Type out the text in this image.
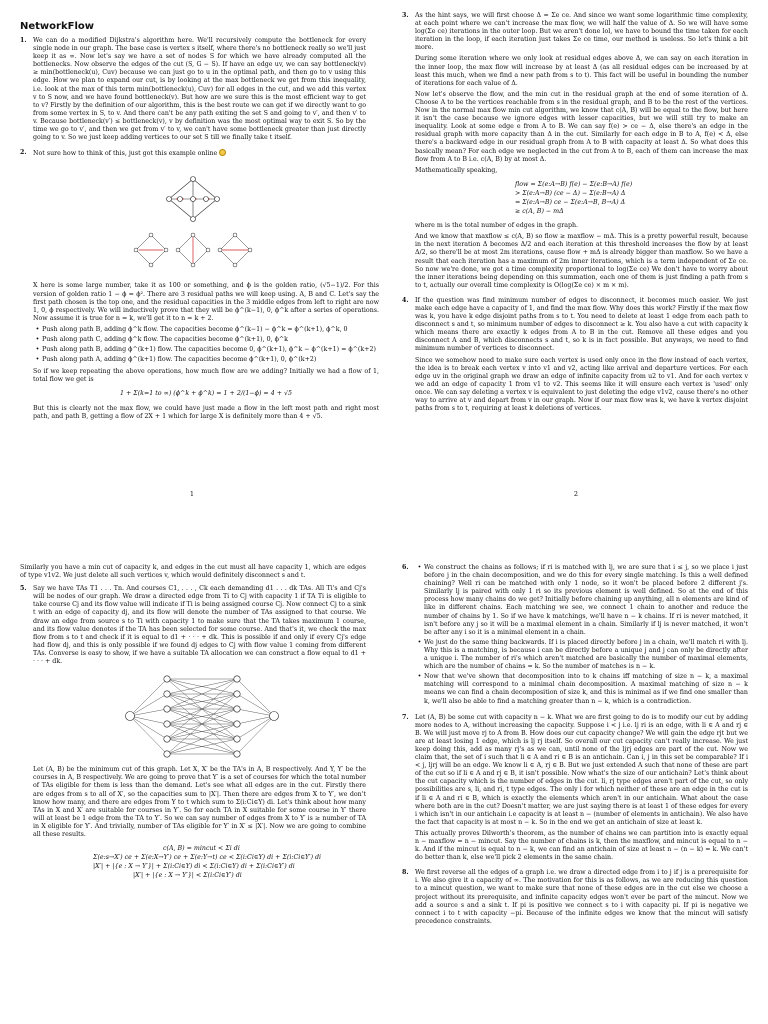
NetworkFlow
1.	We can do a modified Dijkstra's algorithm here. We'll recursively compute the bottleneck for every single node in our graph. The base case is vertex s itself, where there's no bottleneck really so we'll just keep it as ∞. Now let's say we have a set of nodes S for which we have already computed all the bottlenecks. Now observe the edges of the cut (S, G − S). If have an edge uv, we can say bottleneck(v) ≥ min(bottleneck(u), Cuv) because we can just go to u in the optimal path, and then go to v using this edge. How we plan to expand our cut, is by looking at the max bottleneck we get from this inequality, i.e. look at the max of this term min(bottleneck(u), Cuv) for all edges in the cut, and we add this vertex v to S now, and we have found bottleneck(v). But how are we sure this is the most efficient way to get to v? Firstly by the definition of our algorithm, this is the best route we can get if we directly want to go from some vertex in S, to v. And there can't be any path exiting the set S and going to v′, and then v′ to v. Because bottleneck(v′) ≤ bottleneck(v), v by definition was the most optimal way to exit S. So by the time we go to v′, and then we get from v′ to v, we can't have some bottleneck greater than just directly going to v. So we just keep adding vertices to our set S till we finally take t itself.

2.	Not sure how to think of this, just got this example online

X here is some large number, take it as 100 or something, and ϕ is the golden ratio, (√5−1)/2. For this version of golden ratio 1 − ϕ = ϕ². There are 3 residual paths we will keep using. A, B and C. Let's say the first path chosen is the top one, and the residual capacities in the 3 middle edges from left to right are now 1, 0, ϕ respectively. We will inductively prove that they will be ϕ^(k−1), 0, ϕ^k after a series of operations. Now assume it is true for n = k, we'll get it to n = k + 2.

• Push along path B, adding ϕ^k flow. The capacities become ϕ^(k−1) − ϕ^k = ϕ^(k+1), ϕ^k, 0
• Push along path C, adding ϕ^k flow. The capacities become ϕ^(k+1), 0, ϕ^k
• Push along path B, adding ϕ^(k+1) flow. The capacities become 0, ϕ^(k+1), ϕ^k − ϕ^(k+1) = ϕ^(k+2)
• Push along path A, adding ϕ^(k+1) flow. The capacities become ϕ^(k+1), 0, ϕ^(k+2)

So if we keep repeating the above operations, how much flow are we adding? Initially we had a flow of 1, total flow we get is

1 + Σ(k=1 to ∞) (ϕ^k + ϕ^k) = 1 + 2/(1−ϕ) = 4 + √5

But this is clearly not the max flow, we could have just made a flow in the left most path and right most path, and path B, getting a flow of 2X + 1 which for large X is definitely more than 4 + √5.

1
3.	As the hint says, we will first choose Δ = Σe ce. And since we want some logarithmic time complexity, at each point where we can't increase the max flow, we will half the value of Δ. So we will have some log(Σe ce) iterations in the outer loop. But we aren't done lol, we have to bound the time taken for each iteration in the loop, if each iteration just takes Σe ce time, our method is useless. So let's think a bit more.

During some iteration where we only look at residual edges above Δ, we can say on each iteration in the inner loop, the max flow will increase by at least Δ (as all residual edges can be increased by at least this much, when we find a new path from s to t). This fact will be useful in bounding the number of iterations for each value of Δ.

Now let's observe the flow, and the min cut in the residual graph at the end of some iteration of Δ. Choose A to be the vertices reachable from s in the residual graph, and B to be the rest of the vertices. Now in the normal max flow min cut algorithm, we know that c(A, B) will be equal to the flow, but here it isn't the case because we ignore edges with lesser capacities, but we will still try to make an inequality. Look at some edge e from A to B. We can say f(e) > ce − Δ, else there's an edge in the residual graph with more capacity than Δ in the cut. Similarly for each edge in B to A, f(e) < Δ, else there's a backward edge in our residual graph from A to B with capacity at least Δ. So what does this basically mean? For each edge we neglected in the cut from A to B, each of them can increase the max flow from A to B i.e. c(A, B) by at most Δ.

Mathematically speaking,

flow = Σ(e:A→B) f(e) − Σ(e:B→A) f(e)
> Σ(e:A→B) (ce − Δ) − Σ(e:B→A) Δ
= Σ(e:A→B) ce − Σ(e:A→B, B→A) Δ
≥ c(A, B) − mΔ

where m is the total number of edges in the graph.

And we know that maxflow ≤ c(A, B) so flow ≥ maxflow − mΔ. This is a pretty powerful result, because in the next iteration Δ becomes Δ/2 and each iteration at this threshold increases the flow by at least Δ/2, so there'll be at most 2m iterations, cause flow + mΔ is already bigger than maxflow. So we have a result that each iteration has a maximum of 2m inner iterations, which is a term independent of Σe ce. So now we're done, we got a time complexity proportional to log(Σe ce) We don't have to worry about the inner iterations being depending on this summation, each one of them is just finding a path from s to t, actually our overall time complexity is O(log(Σe ce) × m × m).

4.	If the question was find minimum number of edges to disconnect, it becomes much easier. We just make each edge have a capacity of 1, and find the max flow. Why does this work? Firstly if the max flow was k, you have k edge disjoint paths from s to t. You need to delete at least 1 edge from each path to disconnect s and t, so minimum number of edges to disconnect ≥ k. You also have a cut with capacity k which means there are exactly k edges from A to B in the cut. Remove all these edges and you disconnect A and B, which disconnects s and t, so k is in fact possible. But anyways, we need to find minimum number of vertices to disconnect.

Since we somehow need to make sure each vertex is used only once in the flow instead of each vertex, the idea is to break each vertex v into v1 and v2, acting like arrival and departure vertices. For each edge uv in the original graph we draw an edge of infinite capacity from u2 to v1. And for each vertex v we add an edge of capacity 1 from v1 to v2. This seems like it will ensure each vertex is 'used' only once. We can say deleting a vertex v is equivalent to just deleting the edge v1v2, cause there's no other way to arrive at v and depart from v in our graph. Now if our max flow was k, we have k vertex disjoint paths from s to t, requiring at least k deletions of vertices.

2

Similarly you have a min cut of capacity k, and edges in the cut must all have capacity 1, which are edges of type v1v2. We just delete all such vertices v, which would definitely disconnect s and t.

5.	Say we have TAs T1 . . . Tn. And courses C1, . . . , Ck each demanding d1 . . . dk TAs. All Ti's and Cj's will be nodes of our graph. We draw a directed edge from Ti to Cj with capacity 1 if TA Ti is eligible to take course Cj and its flow value will indicate if Ti is being assigned course Cj. Now connect Cj to a sink t with an edge of capacity dj, and its flow will denote the number of TAs assigned to that course. We draw an edge from source s to Ti with capacity 1 to make sure that the TA takes maximum 1 course, and its flow value denotes if the TA has been selected for some course. And that's it, we check the max flow from s to t and check if it is equal to d1 + · · · + dk. This is possible if and only if every Cj's edge had flow dj, and this is only possible if we found dj edges to Cj with flow value 1 coming from different TAs. Converse is easy to show, if we have a suitable TA allocation we can construct a flow equal to d1 + · · · + dk.

Let (A, B) be the minimum cut of this graph. Let X, X′ be the TA's in A, B respectively. And Y, Y′ be the courses in A, B respectively. We are going to prove that Y′ is a set of courses for which the total number of TAs eligible for them is less than the demand. Let's see what all edges are in the cut. Firstly there are edges from s to all of X′, so the capacities sum to |X′|. Then there are edges from X to Y′, we don't know how many, and there are edges from Y to t which sum to Σ(i:Ci∈Y) di. Let's think about how many TAs in X and X′ are suitable for courses in Y′. So for each TA in X suitable for some course in Y′ there will at least be 1 edge from the TA to Y′. So we can say number of edges from X to Y′ is ≥ number of TA in X eligible for Y′. And trivially, number of TAs eligible for Y′ in X′ ≤ |X′|. Now we are going to combine all these results.

c(A, B) = mincut < Σi di
Σ(e:s→X′) ce + Σ(e:X→Y′) ce + Σ(e:Y→t) ce < Σ(i:Ci∈Y) di + Σ(i:Ci∈Y′) di
|X′| + |{e : X → Y′}| + Σ(i:Ci∈Y) di < Σ(i:Ci∈Y) di + Σ(i:Ci∈Y′) di
|X′| + |{e : X → Y′}| < Σ(i:Ci∈Y′) di
6.	• We construct the chains as follows; if ri is matched with lj, we are sure that i ≤ j, so we place i just before j in the chain decomposition, and we do this for every single matching. Is this a well defined chaining? Well ri can be matched with only 1 node, so it won't be placed before 2 different j's. Similarly lj is paired with only 1 ri so its previous element is well defined. So at the end of this process how many chains do we get? Initially before chaining up anything, all n elements are kind of like in different chains. Each matching we see, we connect 1 chain to another and reduce the number of chains by 1. So if we have k matchings, we'll have n − k chains. If ri is never matched, it isn't before any j so it will be a maximal element in a chain. Similarly if lj is never matched, it won't be after any i so it is a minimal element in a chain.
• We just do the same thing backwards. If i is placed directly before j in a chain, we'll match ri with lj. Why this is a matching, is because i can be directly before a unique j and j can only be directly after a unique i. The number of ri's which aren't matched are basically the number of maximal elements, which are the number of chains = k. So the number of matches is n − k.
• Now that we've shown that decomposition into to k chains iff matching of size n − k, a maximal matching will correspond to a minimal chain decomposition. A maximal matching of size n − k means we can find a chain decomposition of size k, and this is minimal as if we find one smaller than k, we'll also be able to find a matching greater than n − k, which is a contradiction.
7.	Let (A, B) be some cut with capacity n − k. What we are first going to do is to modify our cut by adding more nodes to A, without increasing the capacity. Suppose i < j i.e. lj ri is an edge, with li ∈ A and rj ∈ B. We will just move rj to A from B. How does our cut capacity change? We will gain the edge rjt but we are at least losing 1 edge, which is lj rj itself. So overall our cut capacity can't really increase. We just keep doing this, add as many rj's as we can, until none of the ljrj edges are part of the cut. Now we claim that, the set of i such that li ∈ A and ri ∈ B is an antichain. Can i, j in this set be comparable? If i < j, ljrj will be an edge. We know li ∈ A, rj ∈ B. But we just extended A such that none of these are part of the cut so if li ∈ A and rj ∈ B, it isn't possible. Now what's the size of our antichain? Let's think about the cut capacity which is the number of edges in the cut. li, rj type edges aren't part of the cut, so only possibilities are s, li, and ri, t type edges. The only i for which neither of these are an edge in the cut is if li ∈ A and ri ∈ B, which is exactly the elements which aren't in our antichain. What about the case where both are in the cut? Doesn't matter, we are just saying there is at least 1 of these edges for every i which isn't in our antichain i.e capacity is at least n − (number of elements in antichain). We also have the fact that capacity is at most n − k. So in the end we get an antichain of size at least k.

This actually proves Dilworth's theorem, as the number of chains we can partition into is exactly equal n − maxflow = n − mincut. Say the number of chains is k, then the maxflow, and mincut is equal to n − k. And if the mincut is equal to n − k, we can find an antichain of size at least n − (n − k) = k. We can't do better than k, else we'll pick 2 elements in the same chain.

8.	We first reverse all the edges of a graph i.e. we draw a directed edge from i to j if j is a prerequisite for i. We also give it a capacity of ∞. The motivation for this is as follows, as we are reducing this question to a mincut question, we want to make sure that none of these edges are in the cut else we choose a project without its prerequisite, and infinite capacity edges won't ever be part of the mincut. Now we add a source s and a sink t. If pi is positive we connect s to i with capacity pi. If pi is negative we connect i to t with capacity −pi. Because of the infinite edges we know that the mincut will satisfy precedence constraints.
